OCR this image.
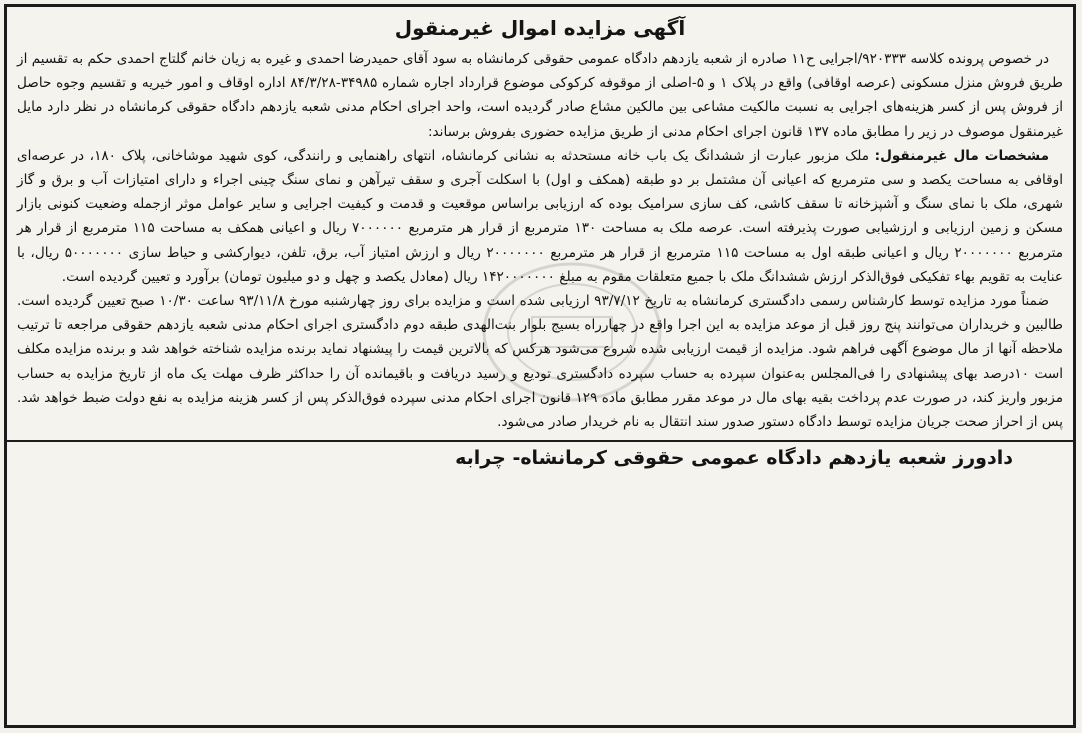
آگهی مزایده اموال غیرمنقول

در خصوص پرونده کلاسه ۹۲۰۳۳۳/اجرایی ح۱۱ صادره از شعبه یازدهم دادگاه عمومی حقوقی کرمانشاه به سود آقای حمیدرضا احمدی و غیره به زیان خانم گلتاج احمدی حکم به تقسیم از طریق فروش منزل مسکونی (عرصه اوقافی) واقع در پلاک ۱ و ۵-اصلی از موقوفه کرکوکی موضوع قرارداد اجاره شماره ۳۴۹۸۵-۸۴/۳/۲۸ اداره اوقاف و امور خیریه و تقسیم وجوه حاصل از فروش پس از کسر هزینه‌های اجرایی به نسبت مالکیت مشاعی بین مالکین مشاع صادر گردیده است، واحد اجرای احکام مدنی شعبه یازدهم دادگاه حقوقی کرمانشاه در نظر دارد مایل غیرمنقول موصوف در زیر را مطابق ماده ۱۳۷ قانون اجرای احکام مدنی از طریق مزایده حضوری بفروش برساند:

مشخصات مال غیرمنقول: ملک مزبور عبارت از ششدانگ یک باب خانه مستحدثه به نشانی کرمانشاه، انتهای راهنمایی و رانندگی، کوی شهید موشاخانی، پلاک ۱۸۰، در عرصه‌ای اوقافی به مساحت یکصد و سی مترمربع که اعیانی آن مشتمل بر دو طبقه (همکف و اول) با اسکلت آجری و سقف تیرآهن و نمای سنگ چینی اجراء و دارای امتیازات آب و برق و گاز شهری، ملک با نمای سنگ و آشپزخانه تا سقف کاشی، کف سازی سرامیک بوده که ارزیابی براساس موقعیت و قدمت و کیفیت اجرایی و سایر عوامل موثر ازجمله وضعیت کنونی بازار مسکن و زمین ارزیابی و ارزشیابی صورت پذیرفته است. عرصه ملک به مساحت ۱۳۰ مترمربع از قرار هر مترمربع ۷۰۰۰۰۰۰ ریال و اعیانی همکف به مساحت ۱۱۵ مترمربع از قرار هر مترمربع ۲۰۰۰۰۰۰۰ ریال و اعیانی طبقه اول به مساحت ۱۱۵ مترمربع از قرار هر مترمربع ۲۰۰۰۰۰۰۰ ریال و ارزش امتیاز آب، برق، تلفن، دیوارکشی و حیاط سازی ۵۰۰۰۰۰۰۰ ریال، با عنایت به تقویم بهاء تفکیکی فوق‌الذکر ارزش ششدانگ ملک با جمیع متعلقات مقوم به مبلغ ۱۴۲۰۰۰۰۰۰۰ ریال (معادل یکصد و چهل و دو میلیون تومان) برآورد و تعیین گردیده است.

ضمناً مورد مزایده توسط کارشناس رسمی دادگستری کرمانشاه به تاریخ ۹۳/۷/۱۲ ارزیابی شده است و مزایده برای روز چهارشنبه مورخ ۹۳/۱۱/۸ ساعت ۱۰/۳۰ صبح تعیین گردیده است. طالبین و خریداران می‌توانند پنج روز قبل از موعد مزایده به این اجرا واقع در چهارراه بسیج بلوار بنت‌الهدی طبقه دوم دادگستری اجرای احکام مدنی شعبه یازدهم حقوقی مراجعه تا ترتیب ملاحظه آنها از مال موضوع آگهی فراهم شود. مزایده از قیمت ارزیابی شده شروع می‌شود هرکس که بالاترین قیمت را پیشنهاد نماید برنده مزایده شناخته خواهد شد و برنده مزایده مکلف است ۱۰درصد بهای پیشنهادی را فی‌المجلس به‌عنوان سپرده به حساب سپرده دادگستری تودیع و رسید دریافت و باقیمانده آن را حداکثر ظرف مهلت یک ماه از تاریخ مزایده به حساب مزبور واریز کند، در صورت عدم پرداخت بقیه بهای مال در موعد مقرر مطابق ماده ۱۲۹ قانون اجرای احکام مدنی سپرده فوق‌الذکر پس از کسر هزینه مزایده به نفع دولت ضبط خواهد شد. پس از احراز صحت جریان مزایده توسط دادگاه دستور صدور سند انتقال به نام خریدار صادر می‌شود.

دادورز شعبه یازدهم دادگاه عمومی حقوقی کرمانشاه- چرابه
